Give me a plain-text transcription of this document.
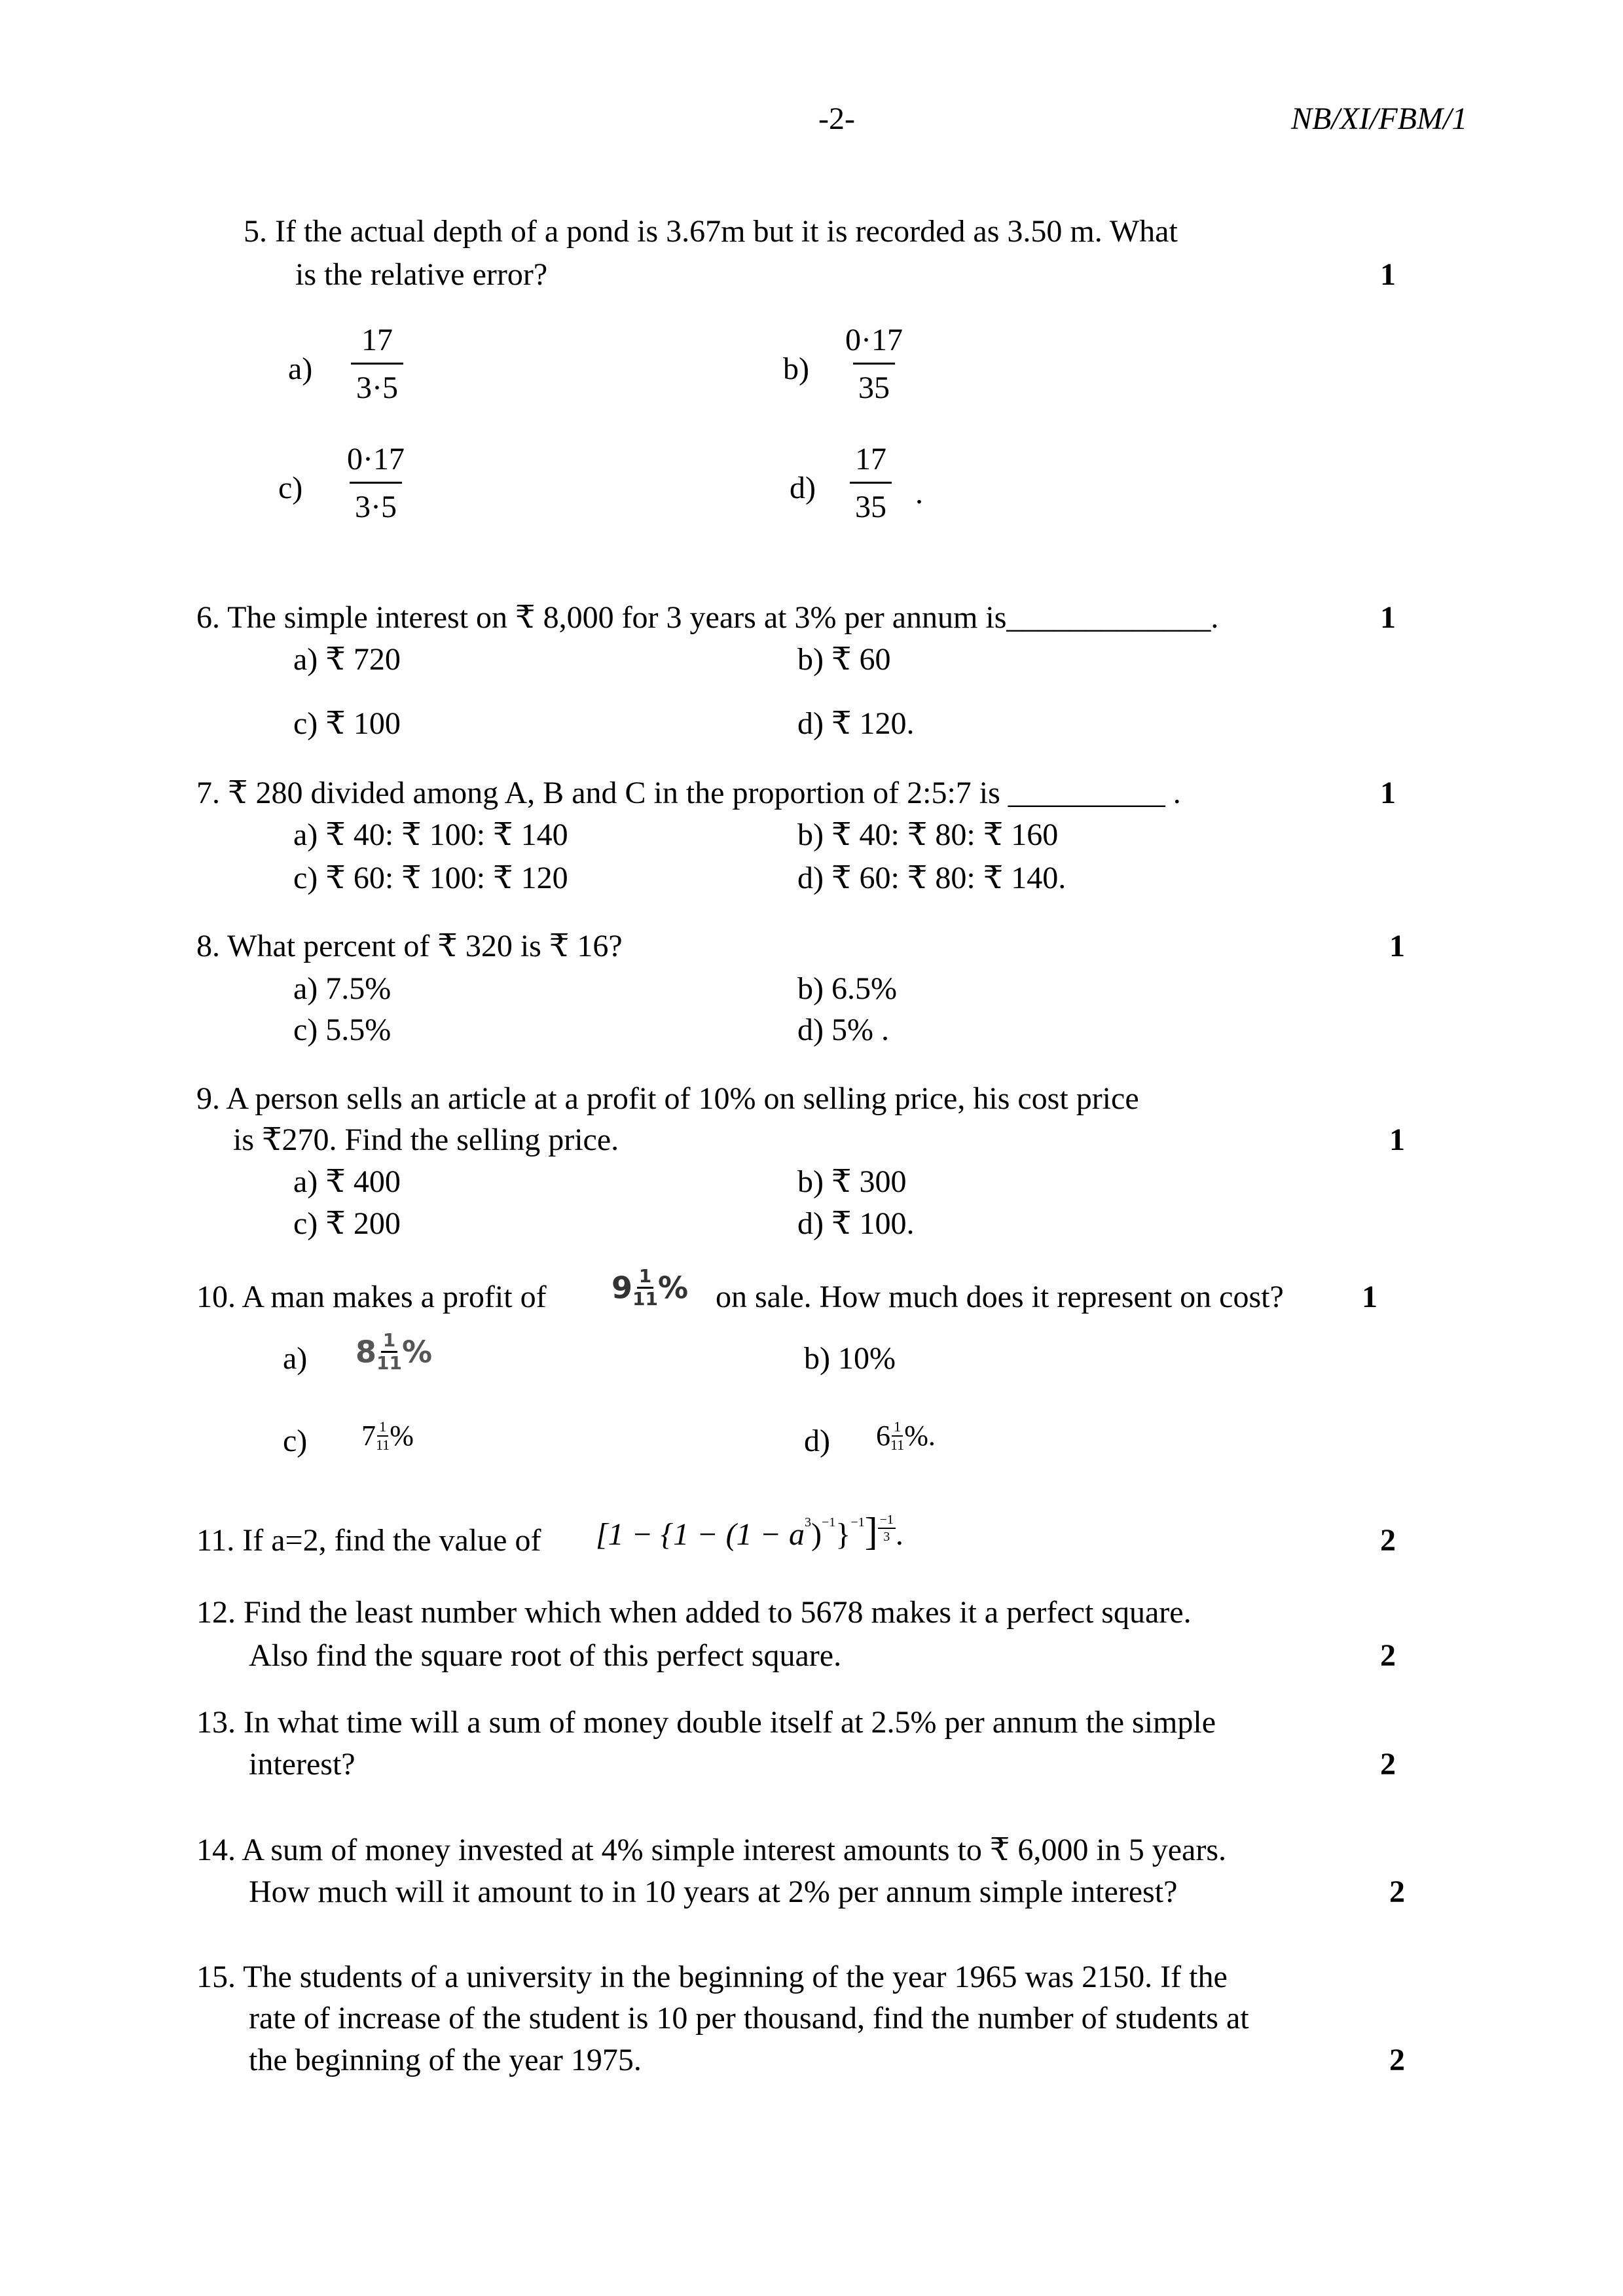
-2-	NB/XI/FBM/1
5. If the actual depth of a pond is 3.67m but it is recorded as 3.50 m. What
is the relative error?	1
$a) \frac{17}{3\cdot 5}$	$b) \frac{0\cdot 17}{35}$
$c) \frac{0\cdot 17}{3\cdot 5}$	$d) \frac{17}{35}$ .
6. The simple interest on ₹ 8,000 for 3 years at 3% per annum is_____________.	1
a) ₹ 720	b) ₹ 60
c) ₹ 100	d) ₹ 120.
7. ₹ 280 divided among A, B and C in the proportion of 2:5:7 is __________ .	1
a) ₹ 40: ₹ 100: ₹ 140	b) ₹ 40: ₹ 80: ₹ 160
c) ₹ 60: ₹ 100: ₹ 120	d) ₹ 60: ₹ 80: ₹ 140.
8. What percent of ₹ 320 is ₹ 16?	1
a) 7.5%	b) 6.5%
c) 5.5%	d) 5% .
9. A person sells an article at a profit of 10% on selling price, his cost price
is ₹270. Find the selling price.	1
a) ₹ 400	b) ₹ 300
c) ₹ 200	d) ₹ 100.
10. A man makes a profit of $9 \frac{1}{11}$ % on sale. How much does it represent on cost? 1
a) $8 \frac{1}{11}$ %	b) 10%
c) $7 \frac{1}{11}$ %	d) $6 \frac{1}{11}$ %.
11. If a=2, find the value of $[1 - \{1 - (1 - a^3)^{-1}\}^{-1}] \frac{-1}{3}$ .	2
12. Find the least number which when added to 5678 makes it a perfect square.
Also find the square root of this perfect square.	2
13. In what time will a sum of money double itself at 2.5% per annum the simple
interest?	2
14. A sum of money invested at 4% simple interest amounts to ₹ 6,000 in 5 years.
How much will it amount to in 10 years at 2% per annum simple interest?	2
15. The students of a university in the beginning of the year 1965 was 2150. If the
rate of increase of the student is 10 per thousand, find the number of students at
the beginning of the year 1975.	2
